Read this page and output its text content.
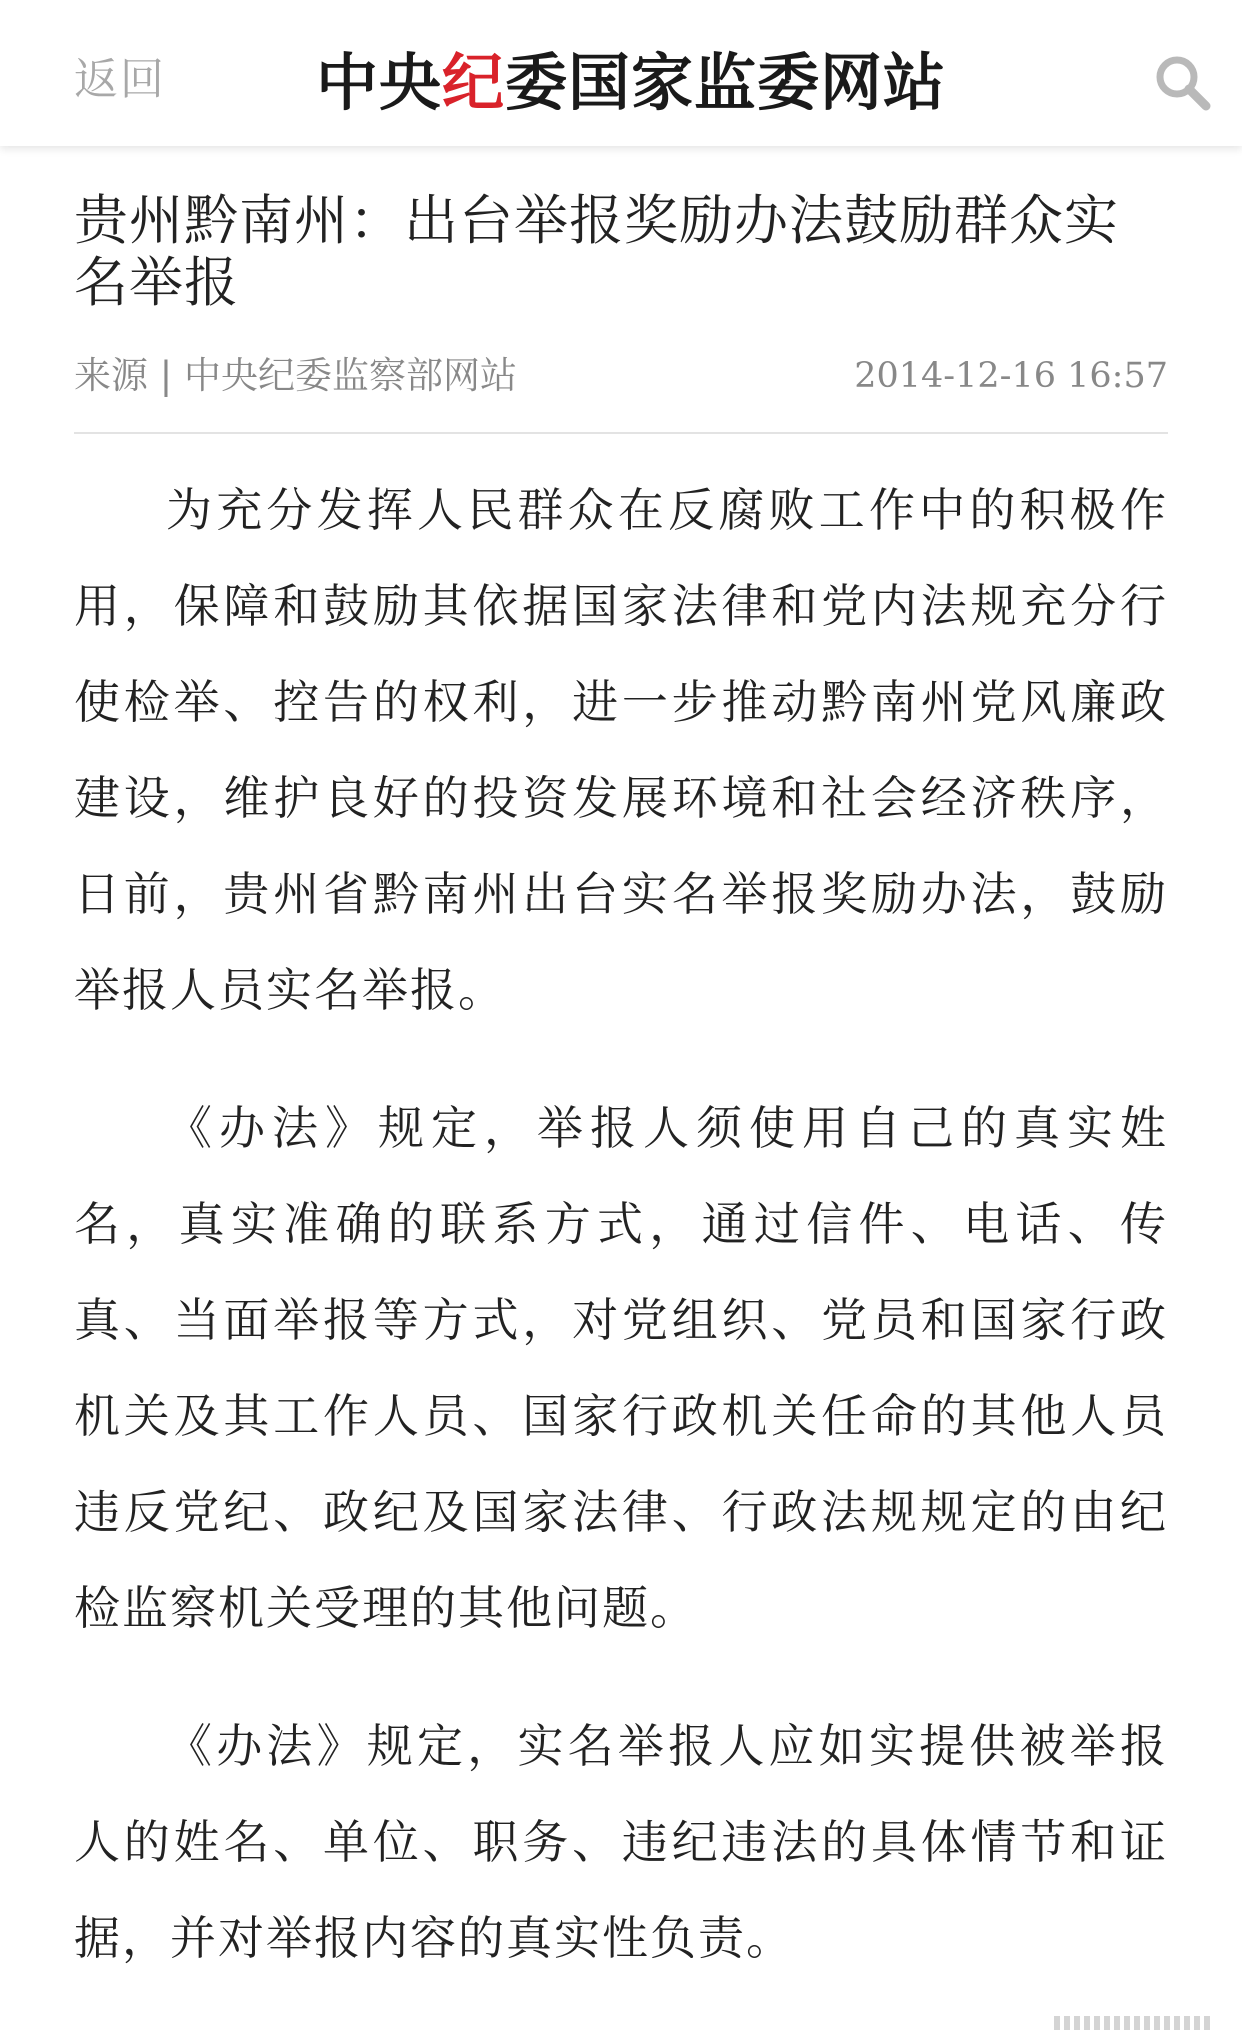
返回 中央纪委国家监委网站
贵州黔南州：出台举报奖励办法鼓励群众实名举报
来源 | 中央纪委监察部网站	2014-12-16 16:57

为充分发挥人民群众在反腐败工作中的积极作用，保障和鼓励其依据国家法律和党内法规充分行使检举、控告的权利，进一步推动黔南州党风廉政建设，维护良好的投资发展环境和社会经济秩序，日前，贵州省黔南州出台实名举报奖励办法，鼓励举报人员实名举报。

《办法》规定，举报人须使用自己的真实姓名，真实准确的联系方式，通过信件、电话、传真、当面举报等方式，对党组织、党员和国家行政机关及其工作人员、国家行政机关任命的其他人员违反党纪、政纪及国家法律、行政法规规定的由纪检监察机关受理的其他问题。

《办法》规定，实名举报人应如实提供被举报人的姓名、单位、职务、违纪违法的具体情节和证据，并对举报内容的真实性负责。
